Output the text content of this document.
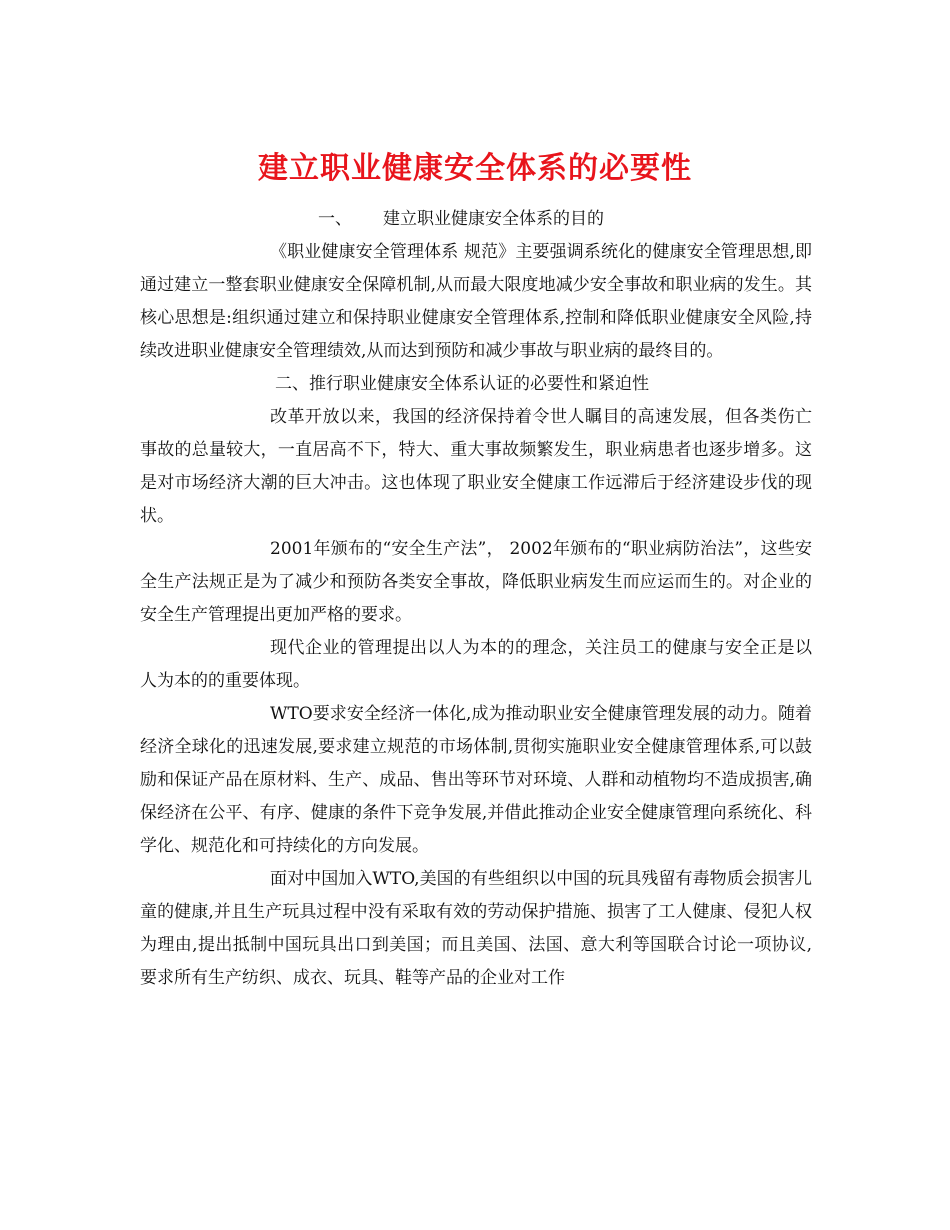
建立职业健康安全体系的必要性

一、 建立职业健康安全体系的目的

《职业健康安全管理体系 规范》主要强调系统化的健康安全管理思想,即通过建立一整套职业健康安全保障机制,从而最大限度地减少安全事故和职业病的发生。其核心思想是:组织通过建立和保持职业健康安全管理体系,控制和降低职业健康安全风险,持续改进职业健康安全管理绩效,从而达到预防和减少事故与职业病的最终目的。

二、推行职业健康安全体系认证的必要性和紧迫性

改革开放以来，我国的经济保持着令世人瞩目的高速发展，但各类伤亡事故的总量较大，一直居高不下，特大、重大事故频繁发生，职业病患者也逐步增多。这是对市场经济大潮的巨大冲击。这也体现了职业安全健康工作远滞后于经济建设步伐的现状。

2001年颁布的“安全生产法”， 2002年颁布的“职业病防治法”，这些安全生产法规正是为了减少和预防各类安全事故，降低职业病发生而应运而生的。对企业的安全生产管理提出更加严格的要求。

现代企业的管理提出以人为本的的理念，关注员工的健康与安全正是以人为本的的重要体现。

WTO要求安全经济一体化,成为推动职业安全健康管理发展的动力。随着经济全球化的迅速发展,要求建立规范的市场体制,贯彻实施职业安全健康管理体系,可以鼓励和保证产品在原材料、生产、成品、售出等环节对环境、人群和动植物均不造成损害,确保经济在公平、有序、健康的条件下竞争发展,并借此推动企业安全健康管理向系统化、科学化、规范化和可持续化的方向发展。

面对中国加入WTO,美国的有些组织以中国的玩具残留有毒物质会损害儿童的健康,并且生产玩具过程中没有采取有效的劳动保护措施、损害了工人健康、侵犯人权为理由,提出抵制中国玩具出口到美国；而且美国、法国、意大利等国联合讨论一项协议,要求所有生产纺织、成衣、玩具、鞋等产品的企业对工作
